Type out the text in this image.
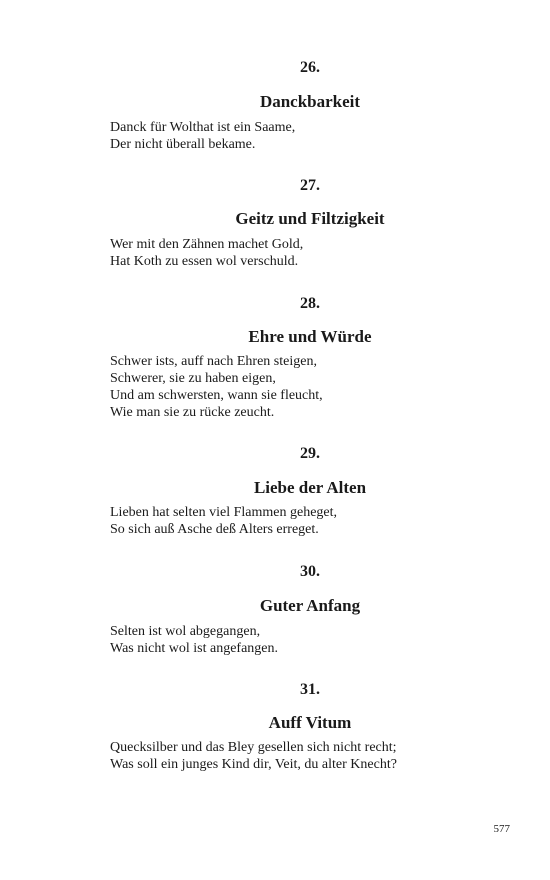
26.
Danckbarkeit
Danck für Wolthat ist ein Saame,
Der nicht überall bekame.
27.
Geitz und Filtzigkeit
Wer mit den Zähnen machet Gold,
Hat Koth zu essen wol verschuld.
28.
Ehre und Würde
Schwer ists, auff nach Ehren steigen,
Schwerer, sie zu haben eigen,
Und am schwersten, wann sie fleucht,
Wie man sie zu rücke zeucht.
29.
Liebe der Alten
Lieben hat selten viel Flammen geheget,
So sich auß Asche deß Alters erreget.
30.
Guter Anfang
Selten ist wol abgegangen,
Was nicht wol ist angefangen.
31.
Auff Vitum
Quecksilber und das Bley gesellen sich nicht recht;
Was soll ein junges Kind dir, Veit, du alter Knecht?
577
